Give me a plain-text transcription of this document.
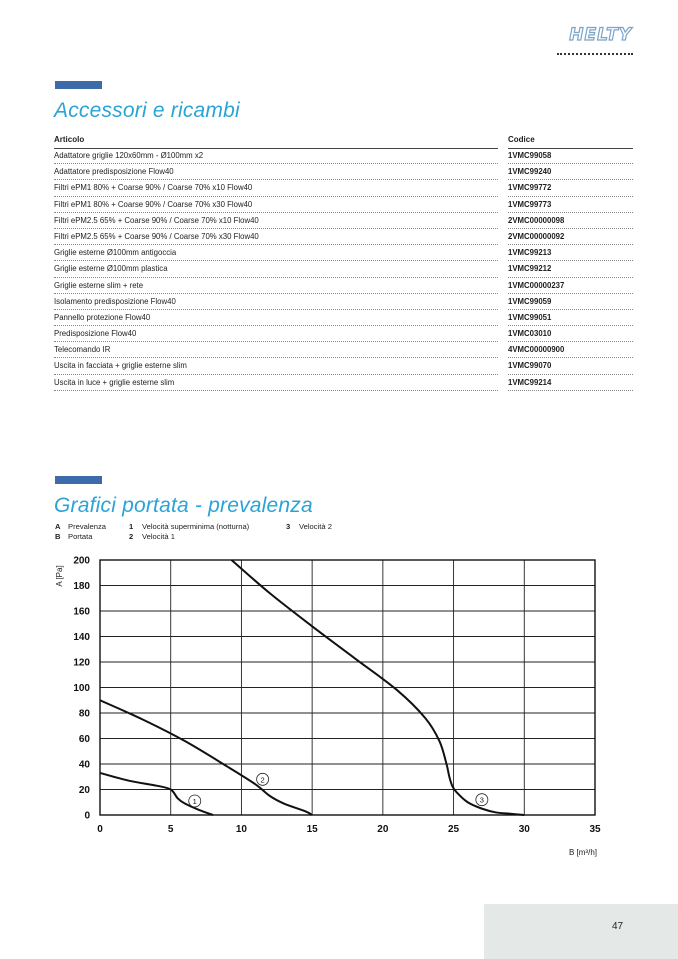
HELTY
Accessori e ricambi
Articolo	Codice
Adattatore griglie 120x60mm - Ø100mm x2	1VMC99058
Adattatore predisposizione Flow40	1VMC99240
Filtri ePM1 80% + Coarse 90% / Coarse 70% x10 Flow40	1VMC99772
Filtri ePM1 80% + Coarse 90% / Coarse 70% x30 Flow40	1VMC99773
Filtri ePM2.5 65% + Coarse 90% / Coarse 70% x10 Flow40	2VMC00000098
Filtri ePM2.5 65% + Coarse 90% / Coarse 70% x30 Flow40	2VMC00000092
Griglie esterne Ø100mm antigoccia	1VMC99213
Griglie esterne Ø100mm plastica	1VMC99212
Griglie esterne slim + rete	1VMC00000237
Isolamento predisposizione Flow40	1VMC99059
Pannello protezione Flow40	1VMC99051
Predisposizione Flow40	1VMC03010
Telecomando IR	4VMC00000900
Uscita in facciata + griglie esterne slim	1VMC99070
Uscita in luce + griglie esterne slim	1VMC99214
Grafici portata - prevalenza
A Prevalenza
B Portata
1 Velocità superminima (notturna)
2 Velocità 1
3 Velocità 2
0	5	10	15	20	25	30	35
0
20
40
60
80
100
120
140
160
180
200
B [m³/h]
A [Pa]
1
2
3
47
